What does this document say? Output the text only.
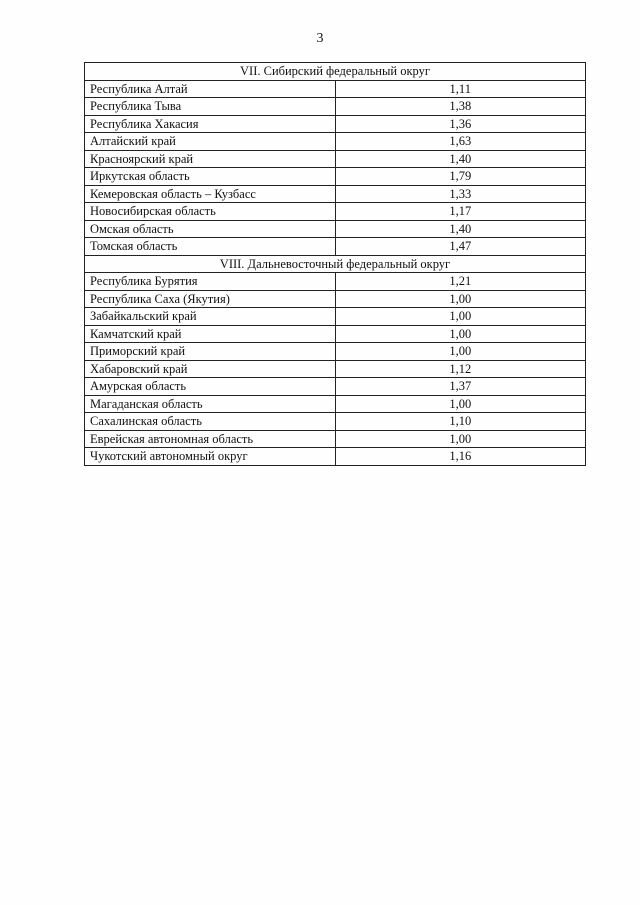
3
VII. Сибирский федеральный округ	
Республика Алтай	1,11
Республика Тыва	1,38
Республика Хакасия	1,36
Алтайский край	1,63
Красноярский край	1,40
Иркутская область	1,79
Кемеровская область – Кузбасс	1,33
Новосибирская область	1,17
Омская область	1,40
Томская область	1,47
VIII. Дальневосточный федеральный округ	
Республика Бурятия	1,21
Республика Саха (Якутия)	1,00
Забайкальский край	1,00
Камчатский край	1,00
Приморский край	1,00
Хабаровский край	1,12
Амурская область	1,37
Магаданская область	1,00
Сахалинская область	1,10
Еврейская автономная область	1,00
Чукотский автономный округ	1,16
